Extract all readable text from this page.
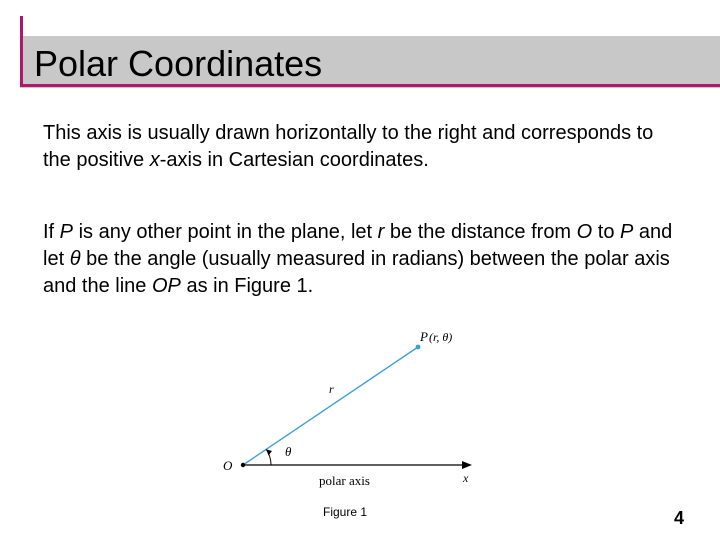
Polar Coordinates

This axis is usually drawn horizontally to the right and corresponds to the positive x-axis in Cartesian coordinates.

If P is any other point in the plane, let r be the distance from O to P and let θ be the angle (usually measured in radians) between the polar axis and the line OP as in Figure 1.

P (r, θ)
r
θ
O
polar axis	x

Figure 1	4
